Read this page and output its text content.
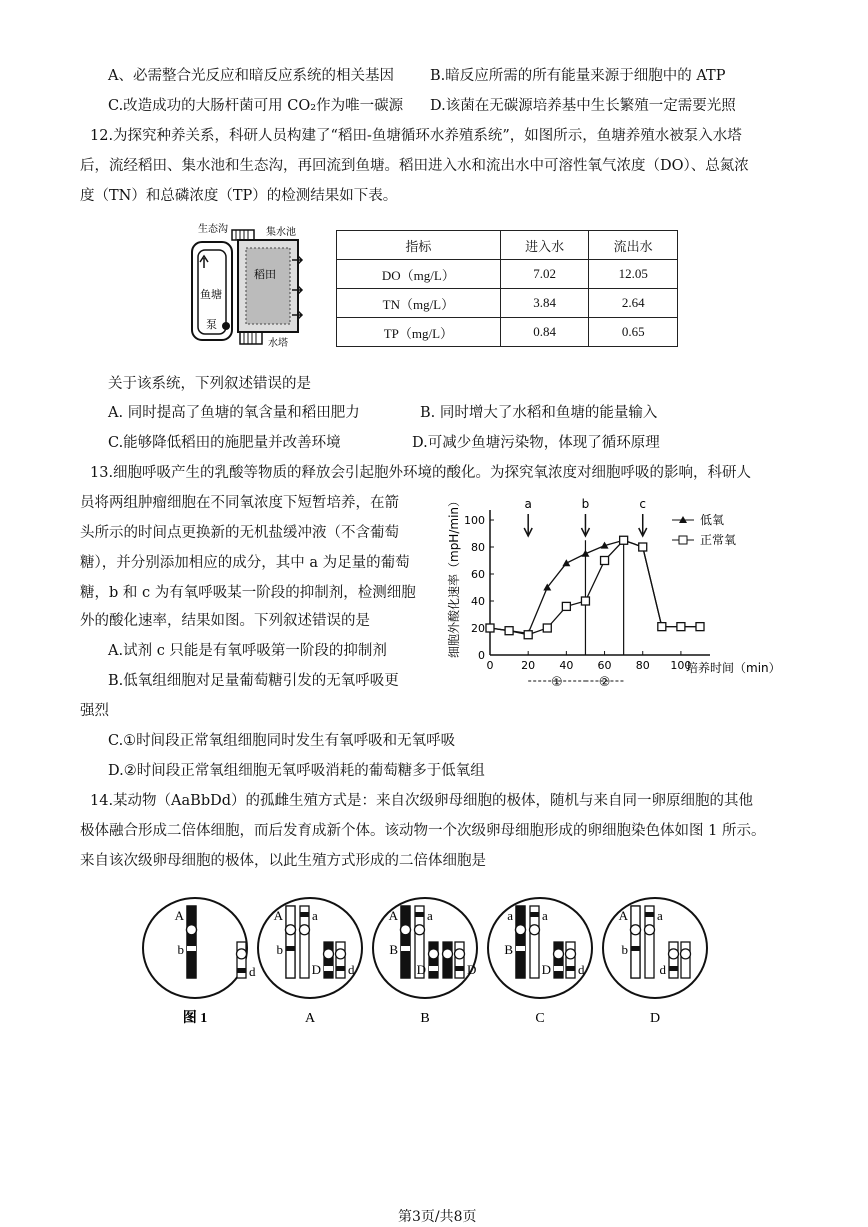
A、必需整合光反应和暗反应系统的相关基因 B.暗反应所需的所有能量来源于细胞中的 ATP
C.改造成功的大肠杆菌可用 CO₂作为唯一碳源 D.该菌在无碳源培养基中生长繁殖一定需要光照
12.为探究种养关系，科研人员构建了“稻田-鱼塘循环水养殖系统”，如图所示，鱼塘养殖水被泵入水塔
后，流经稻田、集水池和生态沟，再回流到鱼塘。稻田进入水和流出水中可溶性氧气浓度（DO）、总氮浓
度（TN）和总磷浓度（TP）的检测结果如下表。
生态沟	集水池
稻田
鱼塘
泵
水塔
指标	进入水	流出水
DO（mg/L）	7.02	12.05
TN（mg/L）	3.84	2.64
TP（mg/L）	0.84	0.65
关于该系统，下列叙述错误的是
A. 同时提高了鱼塘的氧含量和稻田肥力	B. 同时增大了水稻和鱼塘的能量输入
C.能够降低稻田的施肥量并改善环境	D.可减少鱼塘污染物，体现了循环原理
13.细胞呼吸产生的乳酸等物质的释放会引起胞外环境的酸化。为探究氧浓度对细胞呼吸的影响，科研人
员将两组肿瘤细胞在不同氧浓度下短暂培养，在箭
头所示的时间点更换新的无机盐缓冲液（不含葡萄
糖），并分别添加相应的成分，其中 a 为足量的葡萄
糖，b 和 c 为有氧呼吸某一阶段的抑制剂，检测细胞
外的酸化速率，结果如图。下列叙述错误的是
A.试剂 c 只能是有氧呼吸第一阶段的抑制剂
B.低氧组细胞对足量葡萄糖引发的无氧呼吸更
强烈
C.①时间段正常氧组细胞同时发生有氧呼吸和无氧呼吸
D.②时间段正常氧组细胞无氧呼吸消耗的葡萄糖多于低氧组
0	20 40 60 80 100
0
20
40
60
80
100
a	b	c
①	②
低氧
正常氧
细胞外酸化速率（mpH/min）
培养时间（min）
14.某动物（AaBbDd）的孤雌生殖方式是：来自次级卵母细胞的极体，随机与来自同一卵原细胞的其他
极体融合形成二倍体细胞，而后发育成新个体。该动物一个次级卵母细胞形成的卵细胞染色体如图 1 所示。
来自该次级卵母细胞的极体，以此生殖方式形成的二倍体细胞是
A
b
d
图 1
A
b
a
D d
A
A
B
a
D	D
B
a
B
a
D d
C
A
b
a
d
D
第3页/共8页
